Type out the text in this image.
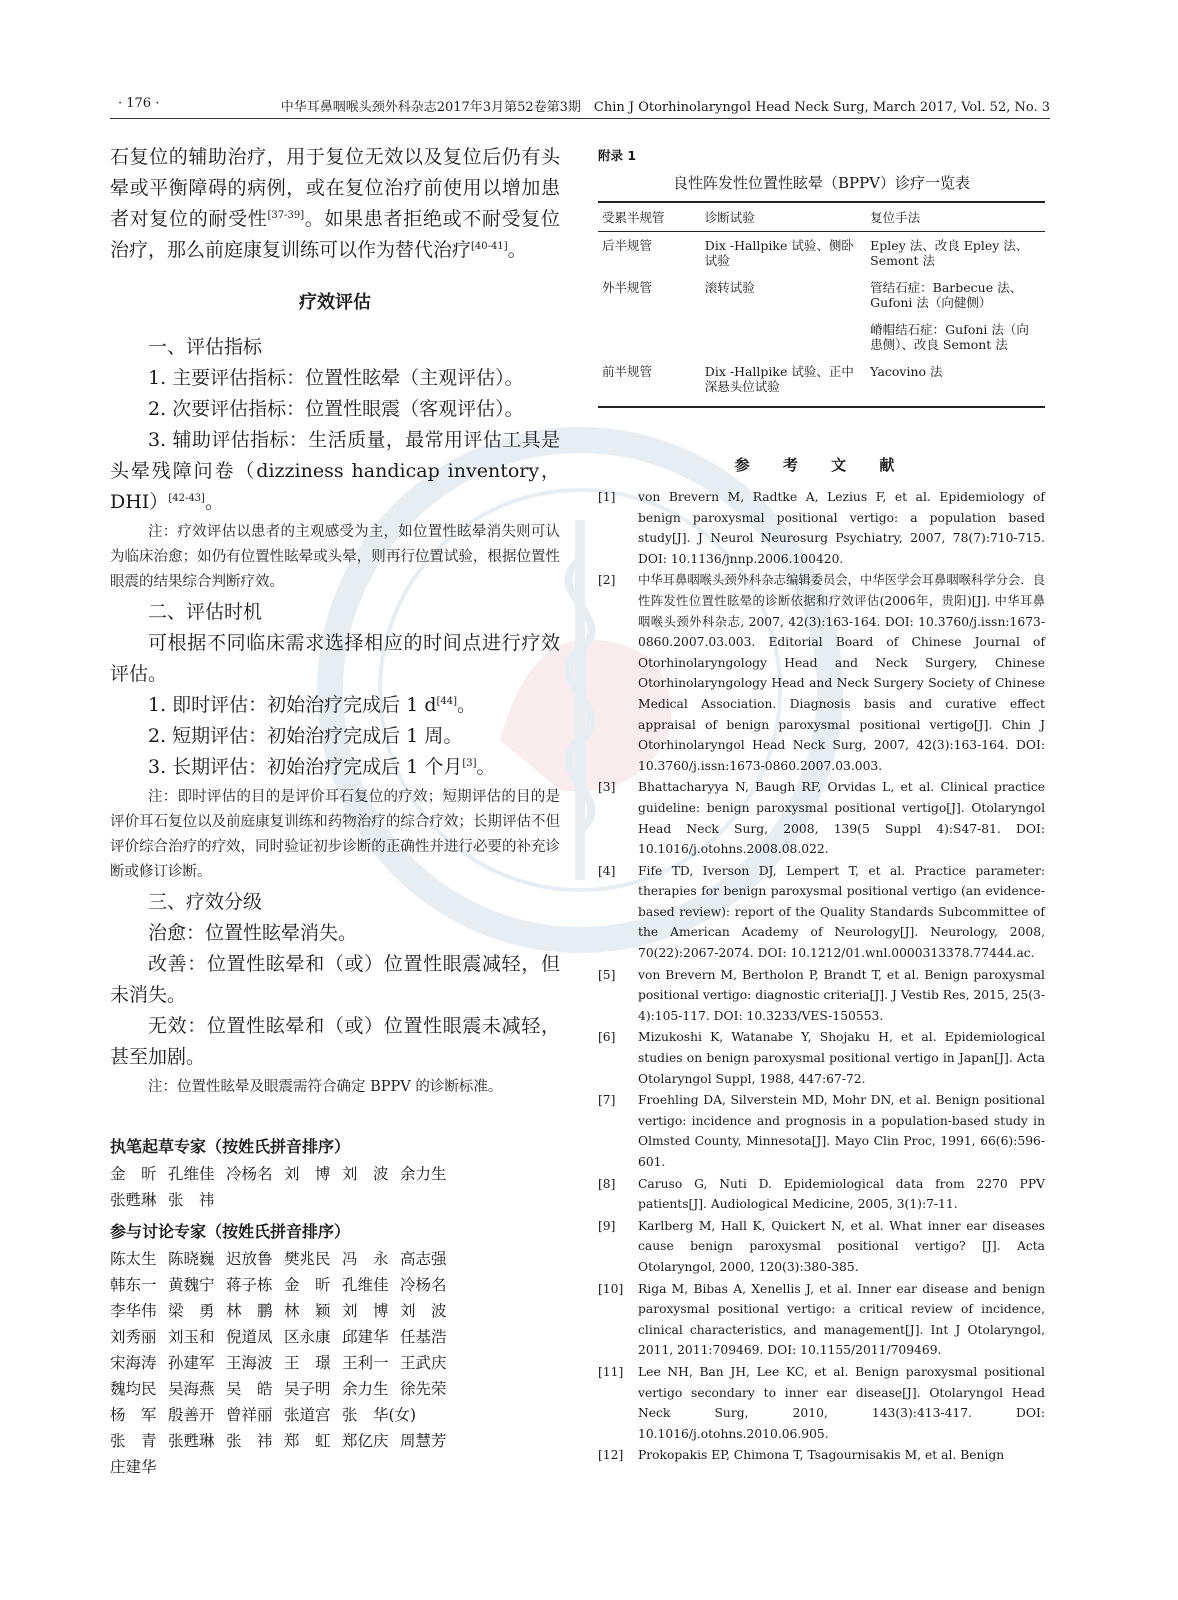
· 176 ·	中华耳鼻咽喉头颈外科杂志2017年3月第52卷第3期　Chin J Otorhinolaryngol Head Neck Surg, March 2017, Vol. 52, No. 3

石复位的辅助治疗，用于复位无效以及复位后仍有头晕或平衡障碍的病例，或在复位治疗前使用以增加患者对复位的耐受性[37-39]。如果患者拒绝或不耐受复位治疗，那么前庭康复训练可以作为替代治疗[40-41]。

疗效评估

一、评估指标

1. 主要评估指标：位置性眩晕（主观评估）。

2. 次要评估指标：位置性眼震（客观评估）。

3. 辅助评估指标：生活质量，最常用评估工具是头晕残障问卷（dizziness handicap inventory，DHI）[42-43]。

注：疗效评估以患者的主观感受为主，如位置性眩晕消失则可认为临床治愈；如仍有位置性眩晕或头晕，则再行位置试验，根据位置性眼震的结果综合判断疗效。

二、评估时机

可根据不同临床需求选择相应的时间点进行疗效评估。

1. 即时评估：初始治疗完成后 1 d[44]。

2. 短期评估：初始治疗完成后 1 周。

3. 长期评估：初始治疗完成后 1 个月[3]。

注：即时评估的目的是评价耳石复位的疗效；短期评估的目的是评价耳石复位以及前庭康复训练和药物治疗的综合疗效；长期评估不但评价综合治疗的疗效，同时验证初步诊断的正确性并进行必要的补充诊断或修订诊断。

三、疗效分级

治愈：位置性眩晕消失。

改善：位置性眩晕和（或）位置性眼震减轻，但未消失。

无效：位置性眩晕和（或）位置性眼震未减轻，甚至加剧。

注：位置性眩晕及眼震需符合确定 BPPV 的诊断标准。

执笔起草专家（按姓氏拼音排序）
金　昕 孔维佳 冷杨名 刘　博 刘　波 余力生
张甦琳 张　祎
参与讨论专家（按姓氏拼音排序）
陈太生 陈晓巍 迟放鲁 樊兆民 冯　永 高志强
韩东一 黄魏宁 蒋子栋 金　昕 孔维佳 冷杨名
李华伟 梁　勇 林　鹏 林　颖 刘　博 刘　波
刘秀丽 刘玉和 倪道凤 区永康 邱建华 任基浩
宋海涛 孙建军 王海波 王　璟 王利一 王武庆
魏均民 吴海燕 吴　皓 吴子明 余力生 徐先荣
杨　军 殷善开 曾祥丽 张道宫 张　华(女)
张　青 张甦琳 张　祎 郑　虹 郑亿庆 周慧芳
庄建华
附录 1
良性阵发性位置性眩晕（BPPV）诊疗一览表
受累半规管	诊断试验	复位手法
后半规管	Dix -Hallpike 试验、侧卧试验	Epley 法、改良 Epley 法、Semont 法
外半规管	滚转试验	管结石症：Barbecue 法、Gufoni 法（向健侧）
		嵴帽结石症：Gufoni 法（向患侧）、改良 Semont 法
前半规管	Dix -Hallpike 试验、正中深悬头位试验	Yacovino 法
参 考 文 献
[1]	von Brevern M, Radtke A, Lezius F, et al. Epidemiology of benign paroxysmal positional vertigo: a population based study[J]. J Neurol Neurosurg Psychiatry, 2007, 78(7):710-715. DOI: 10.1136/jnnp.2006.100420.
[2]	中华耳鼻咽喉头颈外科杂志编辑委员会，中华医学会耳鼻咽喉科学分会．良性阵发性位置性眩晕的诊断依据和疗效评估(2006年，贵阳)[J]. 中华耳鼻咽喉头颈外科杂志, 2007, 42(3):163-164. DOI: 10.3760/j.issn:1673-0860.2007.03.003. Editorial Board of Chinese Journal of Otorhinolaryngology Head and Neck Surgery, Chinese Otorhinolaryngology Head and Neck Surgery Society of Chinese Medical Association. Diagnosis basis and curative effect appraisal of benign paroxysmal positional vertigo[J]. Chin J Otorhinolaryngol Head Neck Surg, 2007, 42(3):163-164. DOI: 10.3760/j.issn:1673-0860.2007.03.003.
[3]	Bhattacharyya N, Baugh RF, Orvidas L, et al. Clinical practice guideline: benign paroxysmal positional vertigo[J]. Otolaryngol Head Neck Surg, 2008, 139(5 Suppl 4):S47-81. DOI: 10.1016/j.otohns.2008.08.022.
[4]	Fife TD, Iverson DJ, Lempert T, et al. Practice parameter: therapies for benign paroxysmal positional vertigo (an evidence-based review): report of the Quality Standards Subcommittee of the American Academy of Neurology[J]. Neurology, 2008, 70(22):2067-2074. DOI: 10.1212/01.wnl.0000313378.77444.ac.
[5]	von Brevern M, Bertholon P, Brandt T, et al. Benign paroxysmal positional vertigo: diagnostic criteria[J]. J Vestib Res, 2015, 25(3-4):105-117. DOI: 10.3233/VES-150553.
[6]	Mizukoshi K, Watanabe Y, Shojaku H, et al. Epidemiological studies on benign paroxysmal positional vertigo in Japan[J]. Acta Otolaryngol Suppl, 1988, 447:67-72.
[7]	Froehling DA, Silverstein MD, Mohr DN, et al. Benign positional vertigo: incidence and prognosis in a population-based study in Olmsted County, Minnesota[J]. Mayo Clin Proc, 1991, 66(6):596-601.
[8]	Caruso G, Nuti D. Epidemiological data from 2270 PPV patients[J]. Audiological Medicine, 2005, 3(1):7-11.
[9]	Karlberg M, Hall K, Quickert N, et al. What inner ear diseases cause benign paroxysmal positional vertigo? [J]. Acta Otolaryngol, 2000, 120(3):380-385.
[10]	Riga M, Bibas A, Xenellis J, et al. Inner ear disease and benign paroxysmal positional vertigo: a critical review of incidence, clinical characteristics, and management[J]. Int J Otolaryngol, 2011, 2011:709469. DOI: 10.1155/2011/709469.
[11]	Lee NH, Ban JH, Lee KC, et al. Benign paroxysmal positional vertigo secondary to inner ear disease[J]. Otolaryngol Head Neck Surg, 2010, 143(3):413-417. DOI: 10.1016/j.otohns.2010.06.905.
[12]	Prokopakis EP, Chimona T, Tsagournisakis M, et al. Benign
